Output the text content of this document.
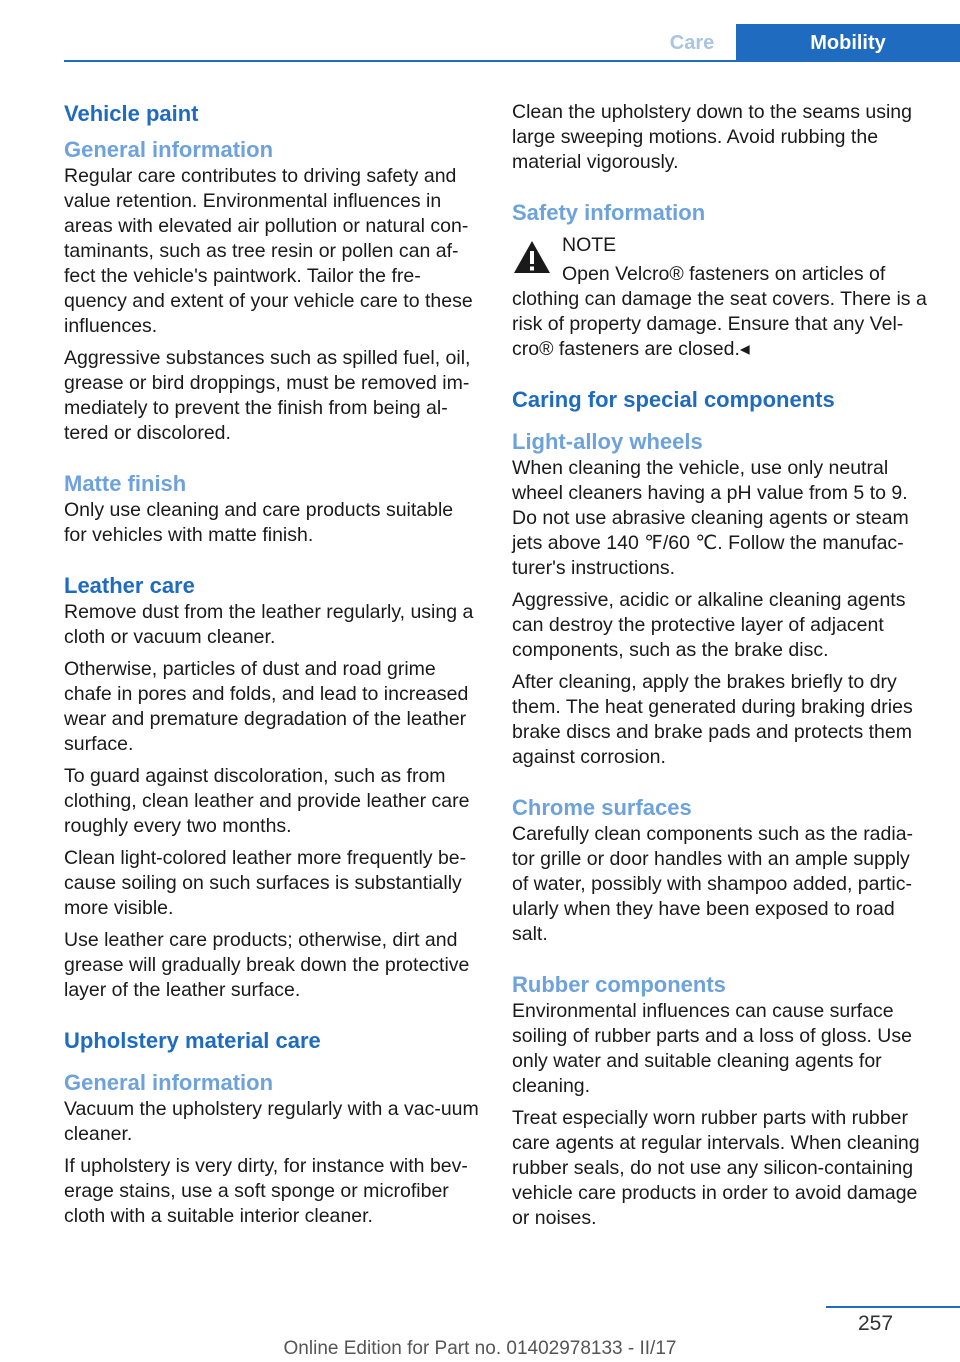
Care	Mobility
Vehicle paint
General information

Regular care contributes to driving safety and value retention. Environmental influences in areas with elevated air pollution or natural con‐taminants, such as tree resin or pollen can af‐fect the vehicle's paintwork. Tailor the fre‐quency and extent of your vehicle care to these influences.

Aggressive substances such as spilled fuel, oil, grease or bird droppings, must be removed im‐mediately to prevent the finish from being al‐tered or discolored.

Matte finish

Only use cleaning and care products suitable for vehicles with matte finish.

Leather care

Remove dust from the leather regularly, using a cloth or vacuum cleaner.

Otherwise, particles of dust and road grime chafe in pores and folds, and lead to increased wear and premature degradation of the leather surface.

To guard against discoloration, such as from clothing, clean leather and provide leather care roughly every two months.

Clean light-colored leather more frequently be‐cause soiling on such surfaces is substantially more visible.

Use leather care products; otherwise, dirt and grease will gradually break down the protective layer of the leather surface.

Upholstery material care
General information

Vacuum the upholstery regularly with a vac‐uum cleaner.

If upholstery is very dirty, for instance with bev‐erage stains, use a soft sponge or microfiber cloth with a suitable interior cleaner.

Clean the upholstery down to the seams using large sweeping motions. Avoid rubbing the material vigorously.

Safety information
NOTE

Open Velcro® fasteners on articles of

clothing can damage the seat covers. There is a risk of property damage. Ensure that any Vel‐cro® fasteners are closed.◂

Caring for special components
Light-alloy wheels

When cleaning the vehicle, use only neutral wheel cleaners having a pH value from 5 to 9. Do not use abrasive cleaning agents or steam jets above 140 ℉/60 ℃. Follow the manufac‐turer's instructions.

Aggressive, acidic or alkaline cleaning agents can destroy the protective layer of adjacent components, such as the brake disc.

After cleaning, apply the brakes briefly to dry them. The heat generated during braking dries brake discs and brake pads and protects them against corrosion.

Chrome surfaces

Carefully clean components such as the radia‐tor grille or door handles with an ample supply of water, possibly with shampoo added, partic‐ularly when they have been exposed to road salt.

Rubber components

Environmental influences can cause surface soiling of rubber parts and a loss of gloss. Use only water and suitable cleaning agents for cleaning.

Treat especially worn rubber parts with rubber care agents at regular intervals. When cleaning rubber seals, do not use any silicon-containing vehicle care products in order to avoid damage or noises.

257
Online Edition for Part no. 01402978133 - II/17
